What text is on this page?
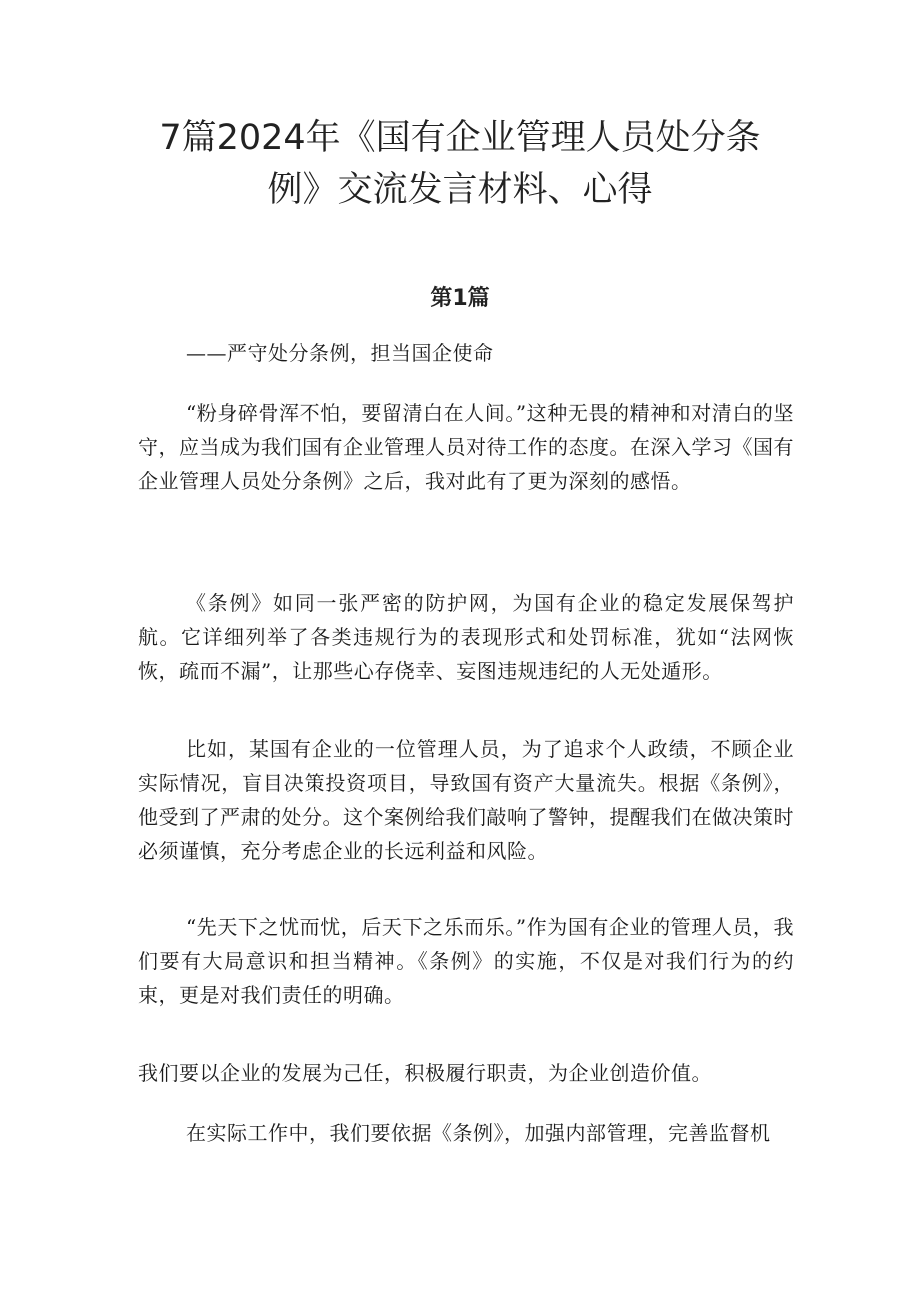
7篇2024年《国有企业管理人员处分条
例》交流发言材料、心得
第1篇

——严守处分条例，担当国企使命

“粉身碎骨浑不怕，要留清白在人间。”这种无畏的精神和对清白的坚守，应当成为我们国有企业管理人员对待工作的态度。在深入学习《国有企业管理人员处分条例》之后，我对此有了更为深刻的感悟。

《条例》如同一张严密的防护网，为国有企业的稳定发展保驾护航。它详细列举了各类违规行为的表现形式和处罚标准，犹如“法网恢恢，疏而不漏”，让那些心存侥幸、妄图违规违纪的人无处遁形。

比如，某国有企业的一位管理人员，为了追求个人政绩，不顾企业实际情况，盲目决策投资项目，导致国有资产大量流失。根据《条例》，他受到了严肃的处分。这个案例给我们敲响了警钟，提醒我们在做决策时必须谨慎，充分考虑企业的长远利益和风险。

“先天下之忧而忧，后天下之乐而乐。”作为国有企业的管理人员，我们要有大局意识和担当精神。《条例》的实施，不仅是对我们行为的约束，更是对我们责任的明确。

我们要以企业的发展为己任，积极履行职责，为企业创造价值。

在实际工作中，我们要依据《条例》，加强内部管理，完善监督机
